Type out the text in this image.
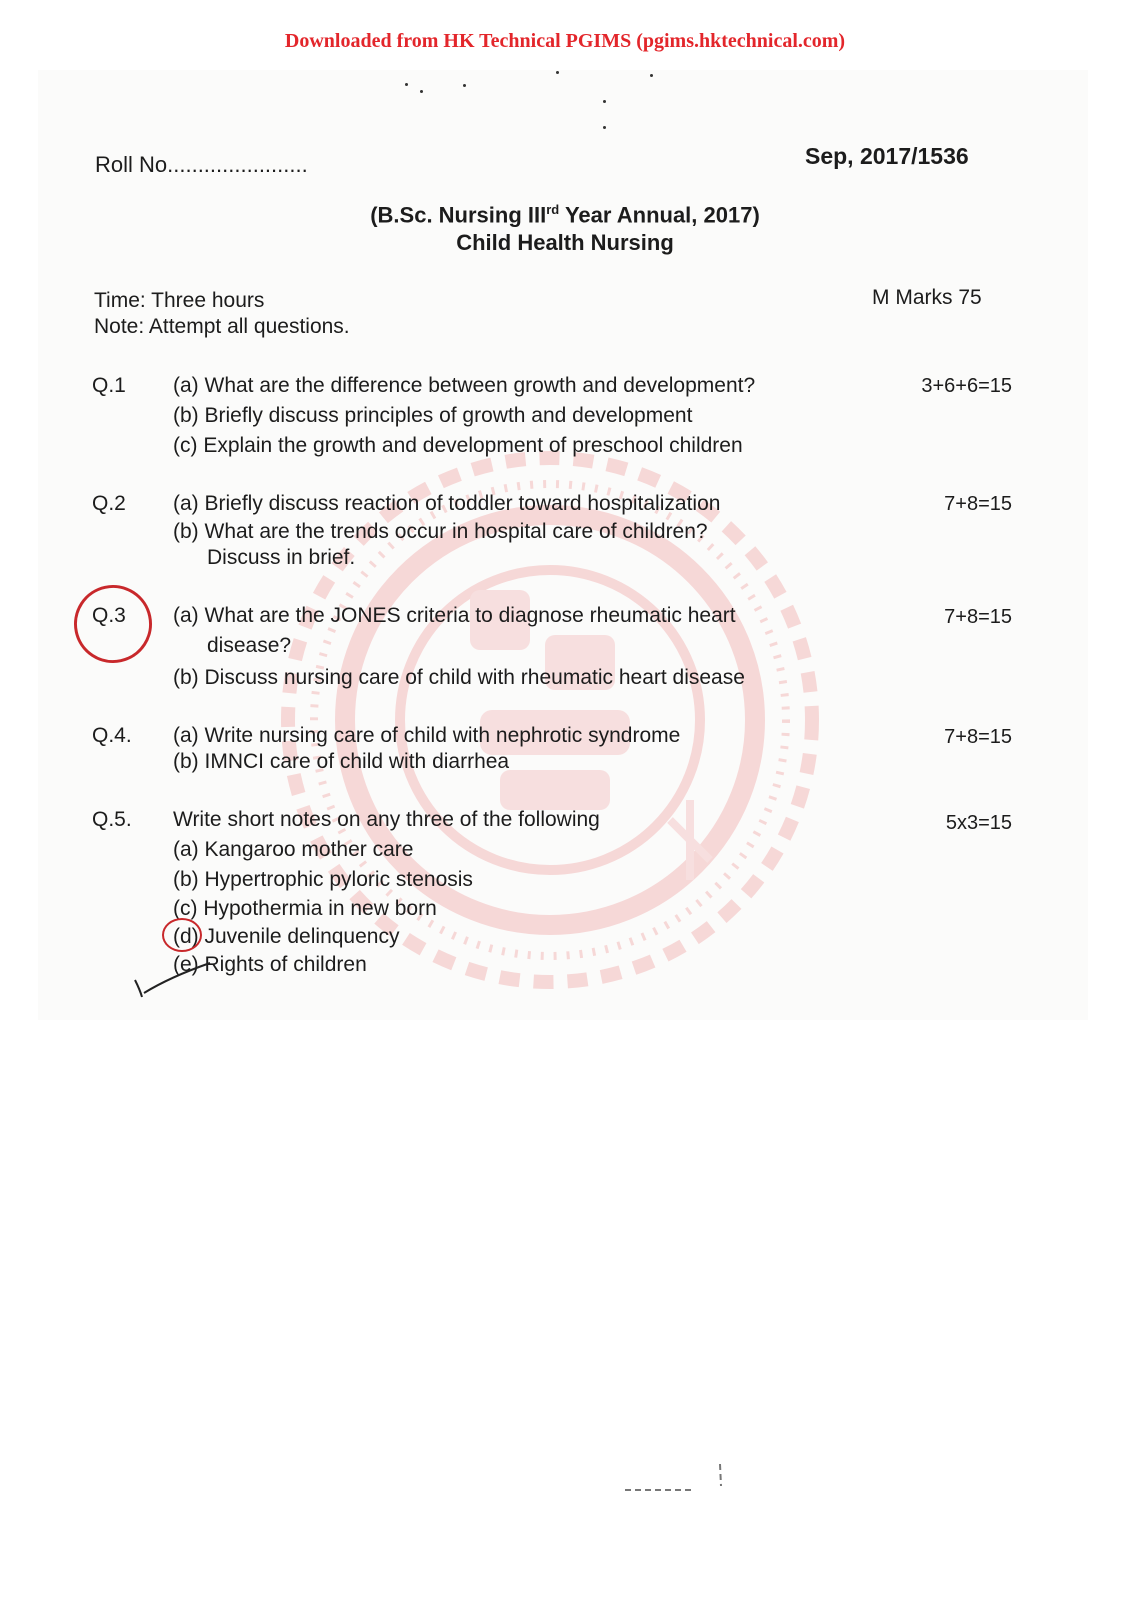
Downloaded from HK Technical PGIMS (pgims.hktechnical.com)
Roll No.......................	Sep, 2017/1536
(B.Sc. Nursing IIIrd Year Annual, 2017)
Child Health Nursing
Time: Three hours	M Marks 75
Note: Attempt all questions.
Q.1 (a) What are the difference between growth and development?
(b) Briefly discuss principles of growth and development
(c) Explain the growth and development of preschool children
3+6+6=15
Q.2 (a) Briefly discuss reaction of toddler toward hospitalization
(b) What are the trends occur in hospital care of children?
Discuss in brief.
7+8=15
Q.3 (a) What are the JONES criteria to diagnose rheumatic heart
disease?
(b) Discuss nursing care of child with rheumatic heart disease
7+8=15
Q.4. (a) Write nursing care of child with nephrotic syndrome
(b) IMNCI care of child with diarrhea
7+8=15
Q.5. Write short notes on any three of the following
(a) Kangaroo mother care
(b) Hypertrophic pyloric stenosis
(c) Hypothermia in new born
(d) Juvenile delinquency
(e) Rights of children
5x3=15
